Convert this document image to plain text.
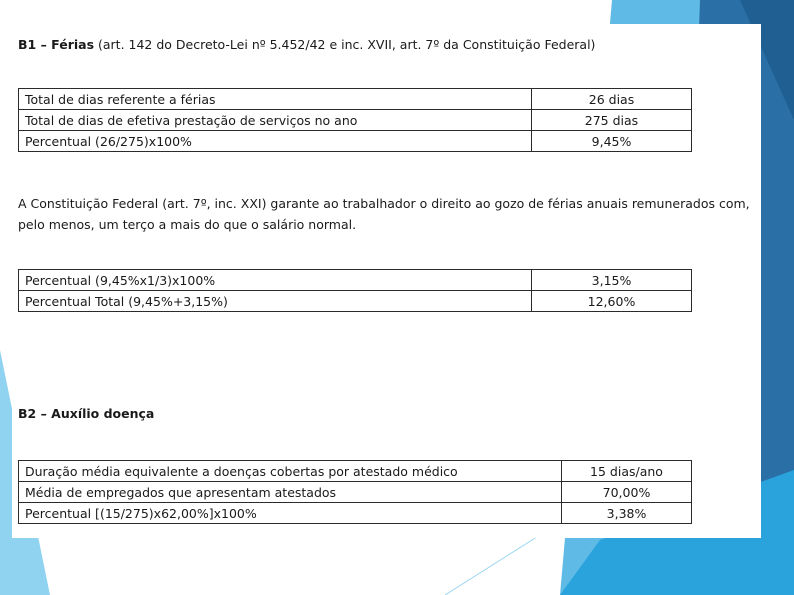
B1 – Férias (art. 142 do Decreto-Lei nº 5.452/42 e inc. XVII, art. 7º da Constituição Federal)
Total de dias referente a férias	26 dias
Total de dias de efetiva prestação de serviços no ano	275 dias
Percentual (26/275)x100%	9,45%
A Constituição Federal (art. 7º, inc. XXI) garante ao trabalhador o direito ao gozo de férias anuais remunerados com, pelo menos, um terço a mais do que o salário normal.
Percentual (9,45%x1/3)x100%	3,15%
Percentual Total (9,45%+3,15%)	12,60%
B2 – Auxílio doença
Duração média equivalente a doenças cobertas por atestado médico	15 dias/ano
Média de empregados que apresentam atestados	70,00%
Percentual [(15/275)x62,00%]x100%	3,38%
